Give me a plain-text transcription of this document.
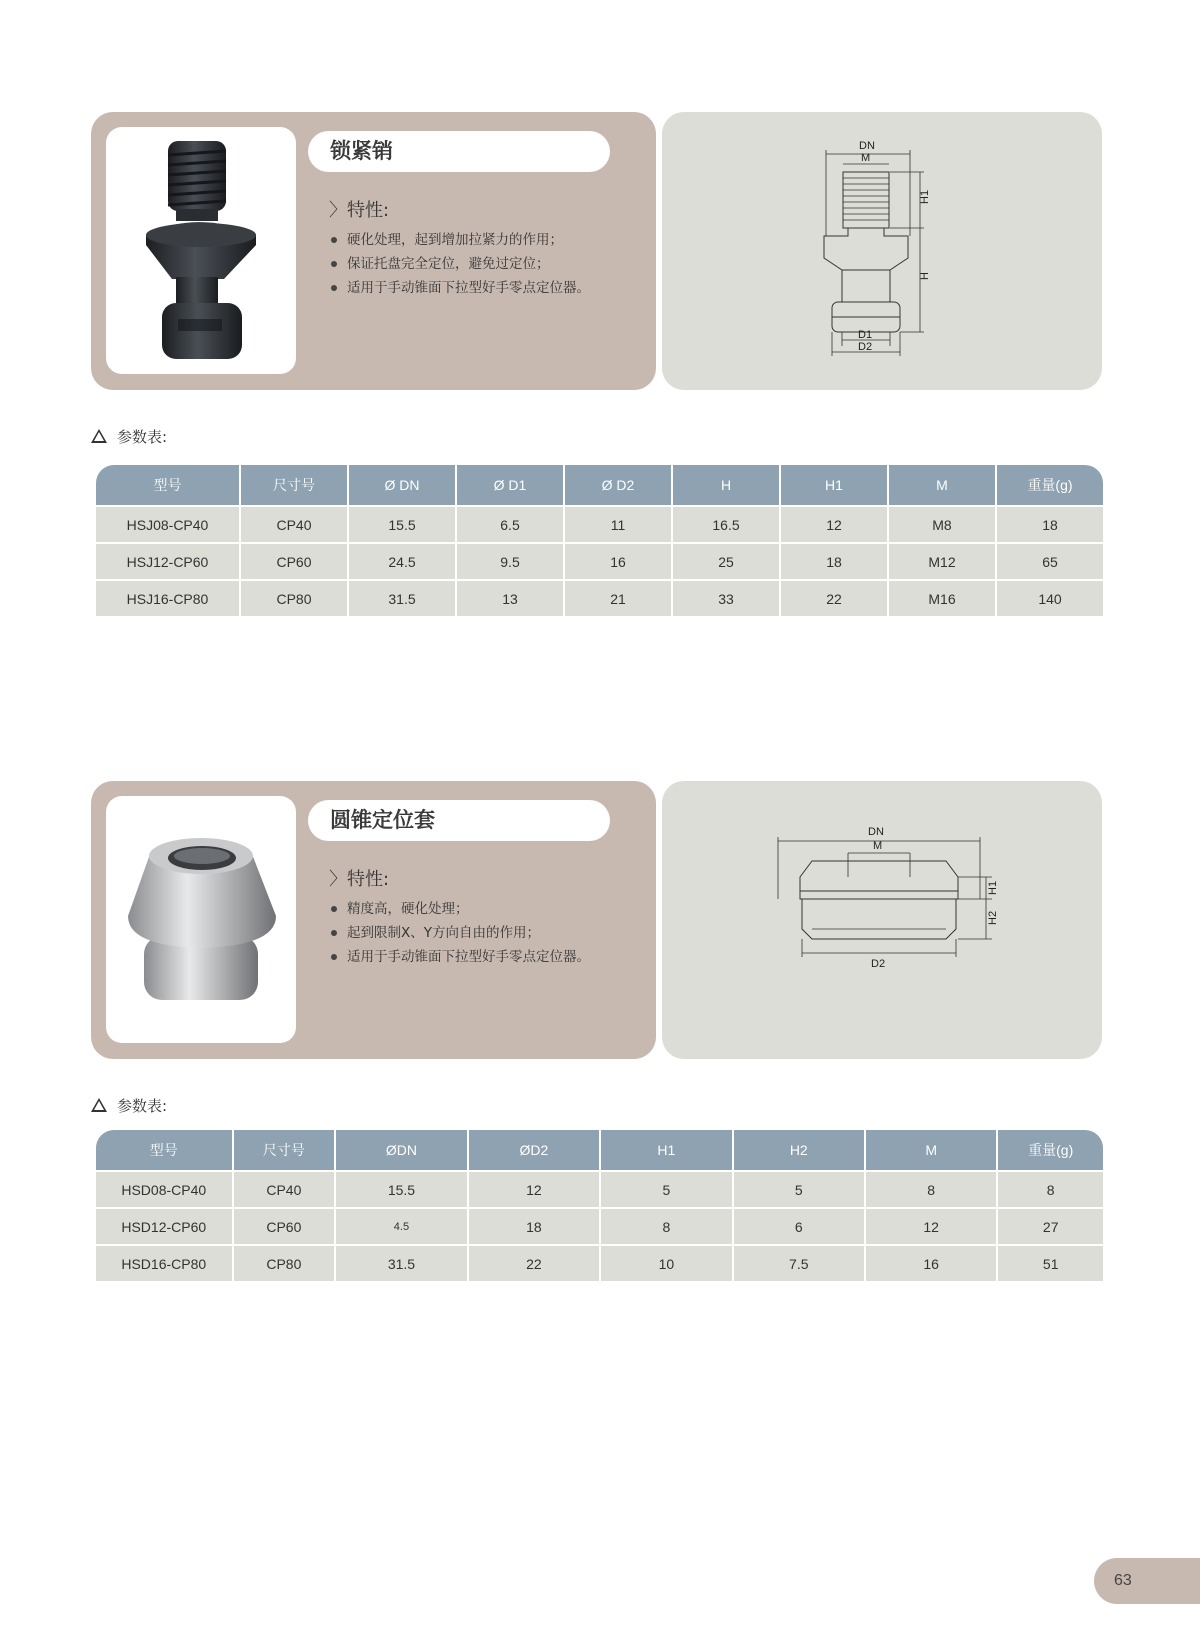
锁紧销
〉特性:
硬化处理，起到增加拉紧力的作用；
保证托盘完全定位，避免过定位；
适用于手动锥面下拉型好手零点定位器。
DN
M
H1
H
D1
D2
参数表:
型号	尺寸号	Ø DN	Ø D1	Ø D2	H	H1	M	重量(g)
HSJ08-CP40	CP40	15.5	6.5	11	16.5	12	M8	18
HSJ12-CP60	CP60	24.5	9.5	16	25	18	M12	65
HSJ16-CP80	CP80	31.5	13	21	33	22	M16	140
圆锥定位套
〉特性:
精度高，硬化处理；
起到限制X、Y方向自由的作用；
适用于手动锥面下拉型好手零点定位器。
DN
M
H1
H2
D2
参数表:
型号	尺寸号	ØDN	ØD2	H1	H2	M	重量(g)
HSD08-CP40	CP40	15.5	12	5	5	8	8
HSD12-CP60	CP60	4.5	18	8	6	12	27
HSD16-CP80	CP80	31.5	22	10	7.5	16	51
63
